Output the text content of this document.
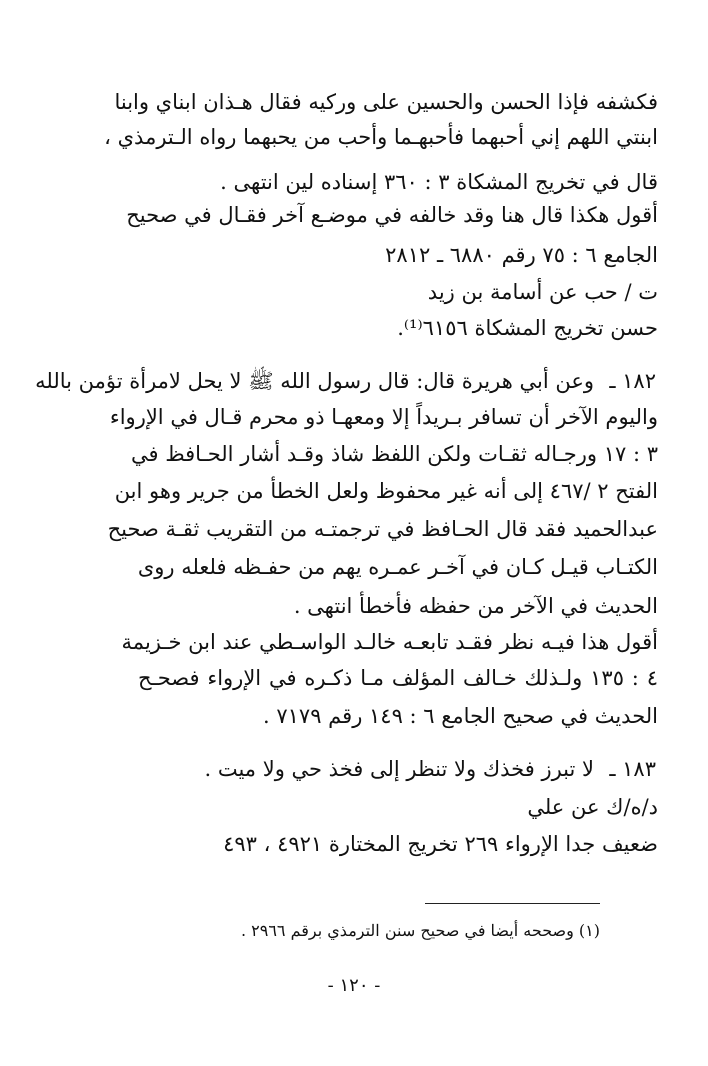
فكشفه فإذا الحسن والحسين على وركيه فقال هـذان ابناي وابنا
ابنتي اللهم إني أحبهما فأحبهـما وأحب من يحبهما رواه الـترمذي ،
قال في تخريج المشكاة ٣ : ٣٦٠ إسناده لين انتهى .
أقول هكذا قال هنا وقد خالفه في موضـع آخر فقـال في صحيح
الجامع ٦ : ٧٥ رقم ٦٨٨٠ ـ ٢٨١٢
ت / حب عن أسامة بن زيد
حسن تخريج المشكاة ٦١٥٦⁽¹⁾.
١٨٢ ـوعن أبي هريرة قال: قال رسول الله ﷺ لا يحل لامرأة تؤمن بالله
واليوم الآخر أن تسافر بـريداً إلا ومعهـا ذو محرم قـال في الإرواء
٣ : ١٧ ورجـاله ثقـات ولكن اللفظ شاذ وقـد أشار الحـافظ في
الفتح ٢ /٤٦٧ إلى أنه غير محفوظ ولعل الخطأ من جرير وهو ابن
عبدالحميد فقد قال الحـافظ في ترجمتـه من التقريب ثقـة صحيح
الكتـاب قيـل كـان في آخـر عمـره يهم من حفـظه فلعله روى
الحديث في الآخر من حفظه فأخطأ انتهى .
أقول هذا فيـه نظر فقـد تابعـه خالـد الواسـطي عند ابن خـزيمة
٤ : ١٣٥ ولـذلك خـالف المؤلف مـا ذكـره في الإرواء فصحـح
الحديث في صحيح الجامع ٦ : ١٤٩ رقم ٧١٧٩ .
١٨٣ ـلا تبرز فخذك ولا تنظر إلى فخذ حي ولا ميت .
د/ه/ك عن علي
ضعيف جدا الإرواء ٢٦٩ تخريج المختارة ٤٩٢١ ، ٤٩٣
(١) وصححه أيضا في صحيح سنن الترمذي برقم ٢٩٦٦ .
- ١٢٠ -
